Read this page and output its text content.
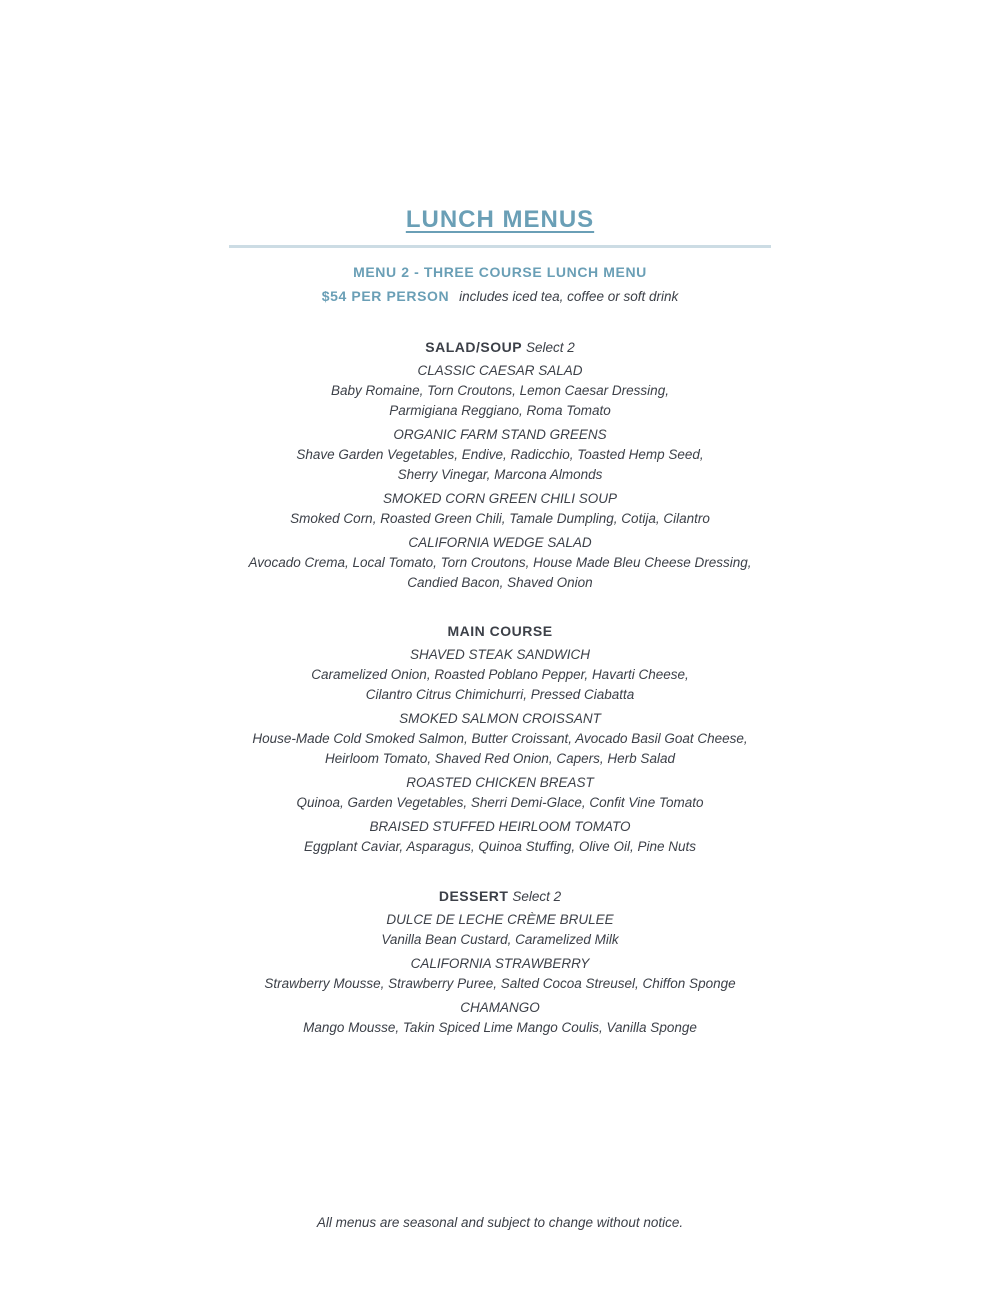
LUNCH MENUS
MENU 2 - THREE COURSE LUNCH MENU
$54 PER PERSON includes iced tea, coffee or soft drink
SALAD/SOUP Select 2
CLASSIC CAESAR SALAD
Baby Romaine, Torn Croutons, Lemon Caesar Dressing,
Parmigiana Reggiano, Roma Tomato
ORGANIC FARM STAND GREENS
Shave Garden Vegetables, Endive, Radicchio, Toasted Hemp Seed,
Sherry Vinegar, Marcona Almonds
SMOKED CORN GREEN CHILI SOUP
Smoked Corn, Roasted Green Chili, Tamale Dumpling, Cotija, Cilantro
CALIFORNIA WEDGE SALAD
Avocado Crema, Local Tomato, Torn Croutons, House Made Bleu Cheese Dressing,
Candied Bacon, Shaved Onion
MAIN COURSE
SHAVED STEAK SANDWICH
Caramelized Onion, Roasted Poblano Pepper, Havarti Cheese,
Cilantro Citrus Chimichurri, Pressed Ciabatta
SMOKED SALMON CROISSANT
House-Made Cold Smoked Salmon, Butter Croissant, Avocado Basil Goat Cheese,
Heirloom Tomato, Shaved Red Onion, Capers, Herb Salad
ROASTED CHICKEN BREAST
Quinoa, Garden Vegetables, Sherri Demi-Glace, Confit Vine Tomato
BRAISED STUFFED HEIRLOOM TOMATO
Eggplant Caviar, Asparagus, Quinoa Stuffing, Olive Oil, Pine Nuts
DESSERT Select 2
DULCE DE LECHE CRÈME BRULEE
Vanilla Bean Custard, Caramelized Milk
CALIFORNIA STRAWBERRY
Strawberry Mousse, Strawberry Puree, Salted Cocoa Streusel, Chiffon Sponge
CHAMANGO
Mango Mousse, Takin Spiced Lime Mango Coulis, Vanilla Sponge
All menus are seasonal and subject to change without notice.
